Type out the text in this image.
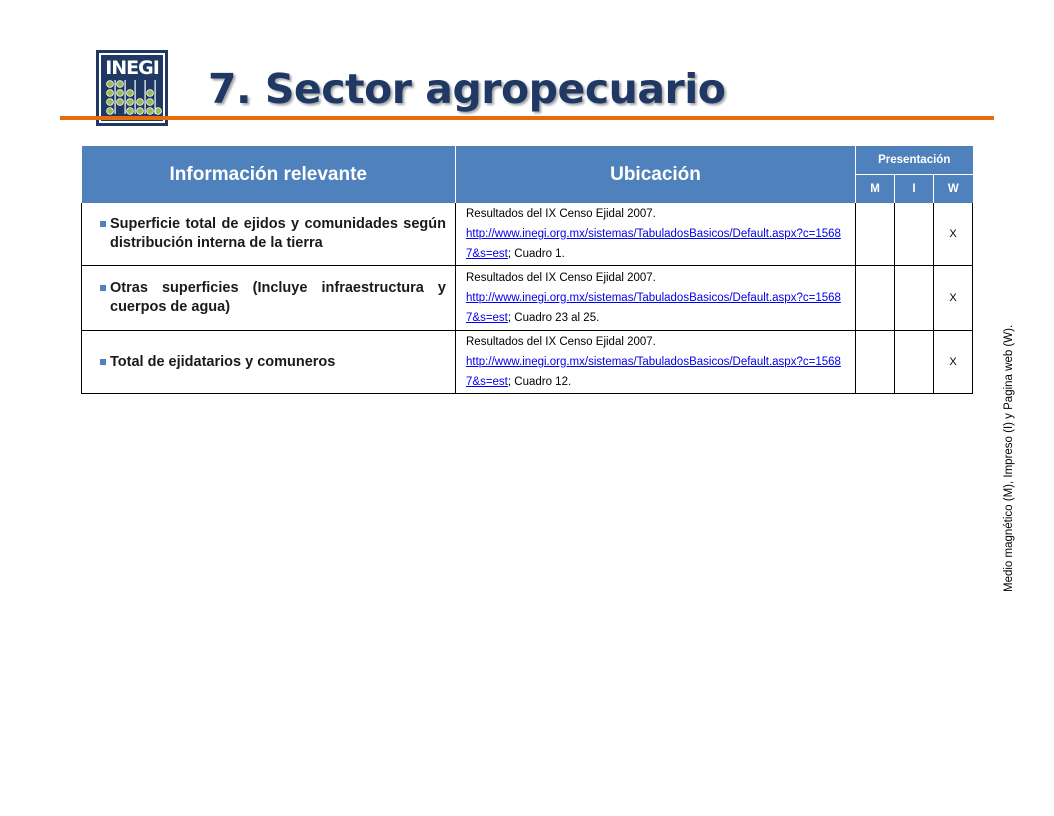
INEGI 7. Sector agropecuario
Información relevante	Ubicación	Presentación		
		M	I	W

Superficie total de ejidos y comunidades según distribución interna de la tierra	Resultados del IX Censo Ejidal 2007.
http://www.inegi.org.mx/sistemas/TabuladosBasicos/Default.aspx?c=15687&s=est; Cuadro 1.			X

Otras superficies (Incluye infraestructura y cuerpos de agua)	Resultados del IX Censo Ejidal 2007.
http://www.inegi.org.mx/sistemas/TabuladosBasicos/Default.aspx?c=15687&s=est; Cuadro 23 al 25.			X

Total de ejidatarios y comuneros	Resultados del IX Censo Ejidal 2007.
http://www.inegi.org.mx/sistemas/TabuladosBasicos/Default.aspx?c=15687&s=est; Cuadro 12.			X	Medio magnético (M), Impreso (I) y Pagina web (W).
